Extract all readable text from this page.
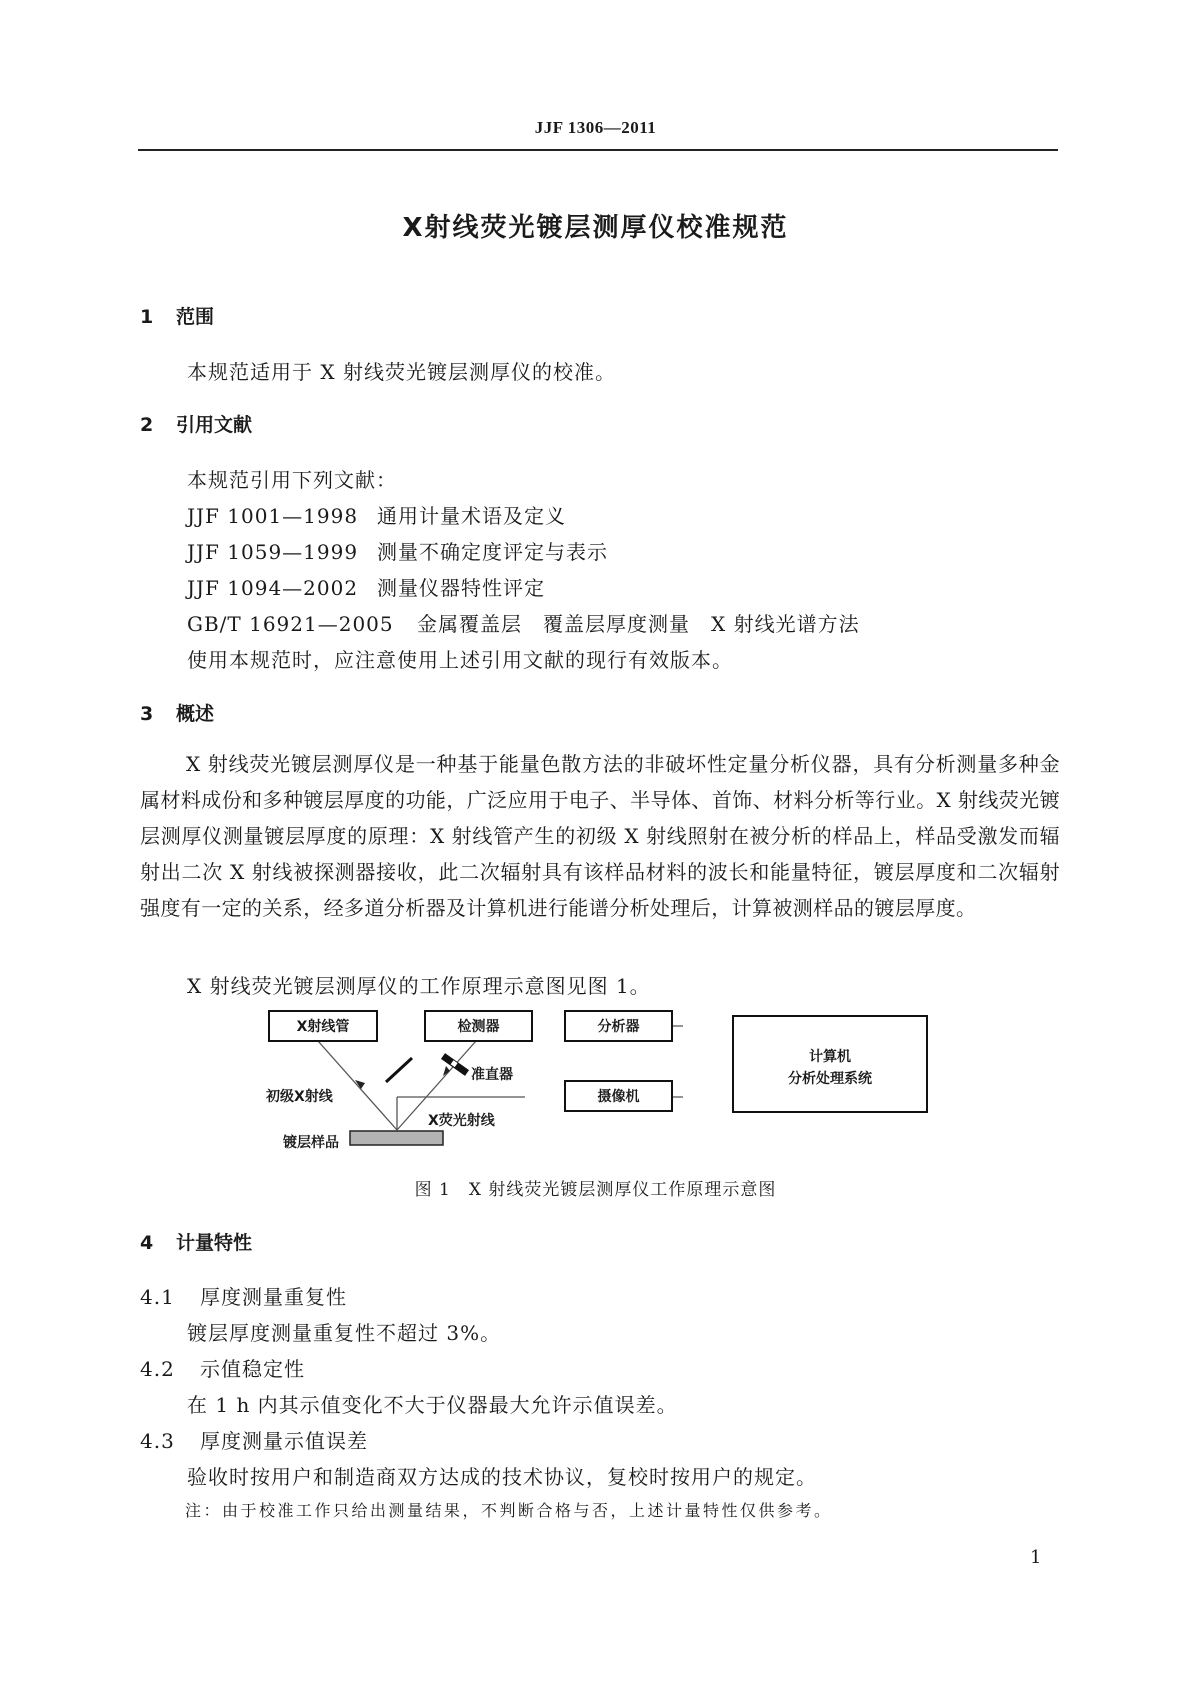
JJF 1306—2011
X射线荧光镀层测厚仪校准规范
1 范围
本规范适用于 X 射线荧光镀层测厚仪的校准。
2 引用文献
本规范引用下列文献：
JJF 1001—1998 通用计量术语及定义
JJF 1059—1999 测量不确定度评定与表示
JJF 1094—2002 测量仪器特性评定
GB/T 16921—2005 金属覆盖层　覆盖层厚度测量　X 射线光谱方法
使用本规范时，应注意使用上述引用文献的现行有效版本。
3 概述
X 射线荧光镀层测厚仪是一种基于能量色散方法的非破坏性定量分析仪器，具有分析测量多种金属材料成份和多种镀层厚度的功能，广泛应用于电子、半导体、首饰、材料分析等行业。X 射线荧光镀层测厚仪测量镀层厚度的原理：X 射线管产生的初级 X 射线照射在被分析的样品上，样品受激发而辐射出二次 X 射线被探测器接收，此二次辐射具有该样品材料的波长和能量特征，镀层厚度和二次辐射强度有一定的关系，经多道分析器及计算机进行能谱分析处理后，计算被测样品的镀层厚度。
X 射线荧光镀层测厚仪的工作原理示意图见图 1。
X射线管	检测器	分析器
摄像机
计算机
分析处理系统
初级X射线
准直器
X荧光射线
镀层样品
图 1　X 射线荧光镀层测厚仪工作原理示意图
4 计量特性
4.1 厚度测量重复性
镀层厚度测量重复性不超过 3%。
4.2 示值稳定性
在 1 h 内其示值变化不大于仪器最大允许示值误差。
4.3 厚度测量示值误差
验收时按用户和制造商双方达成的技术协议，复校时按用户的规定。
注：由于校准工作只给出测量结果，不判断合格与否，上述计量特性仅供参考。
1
